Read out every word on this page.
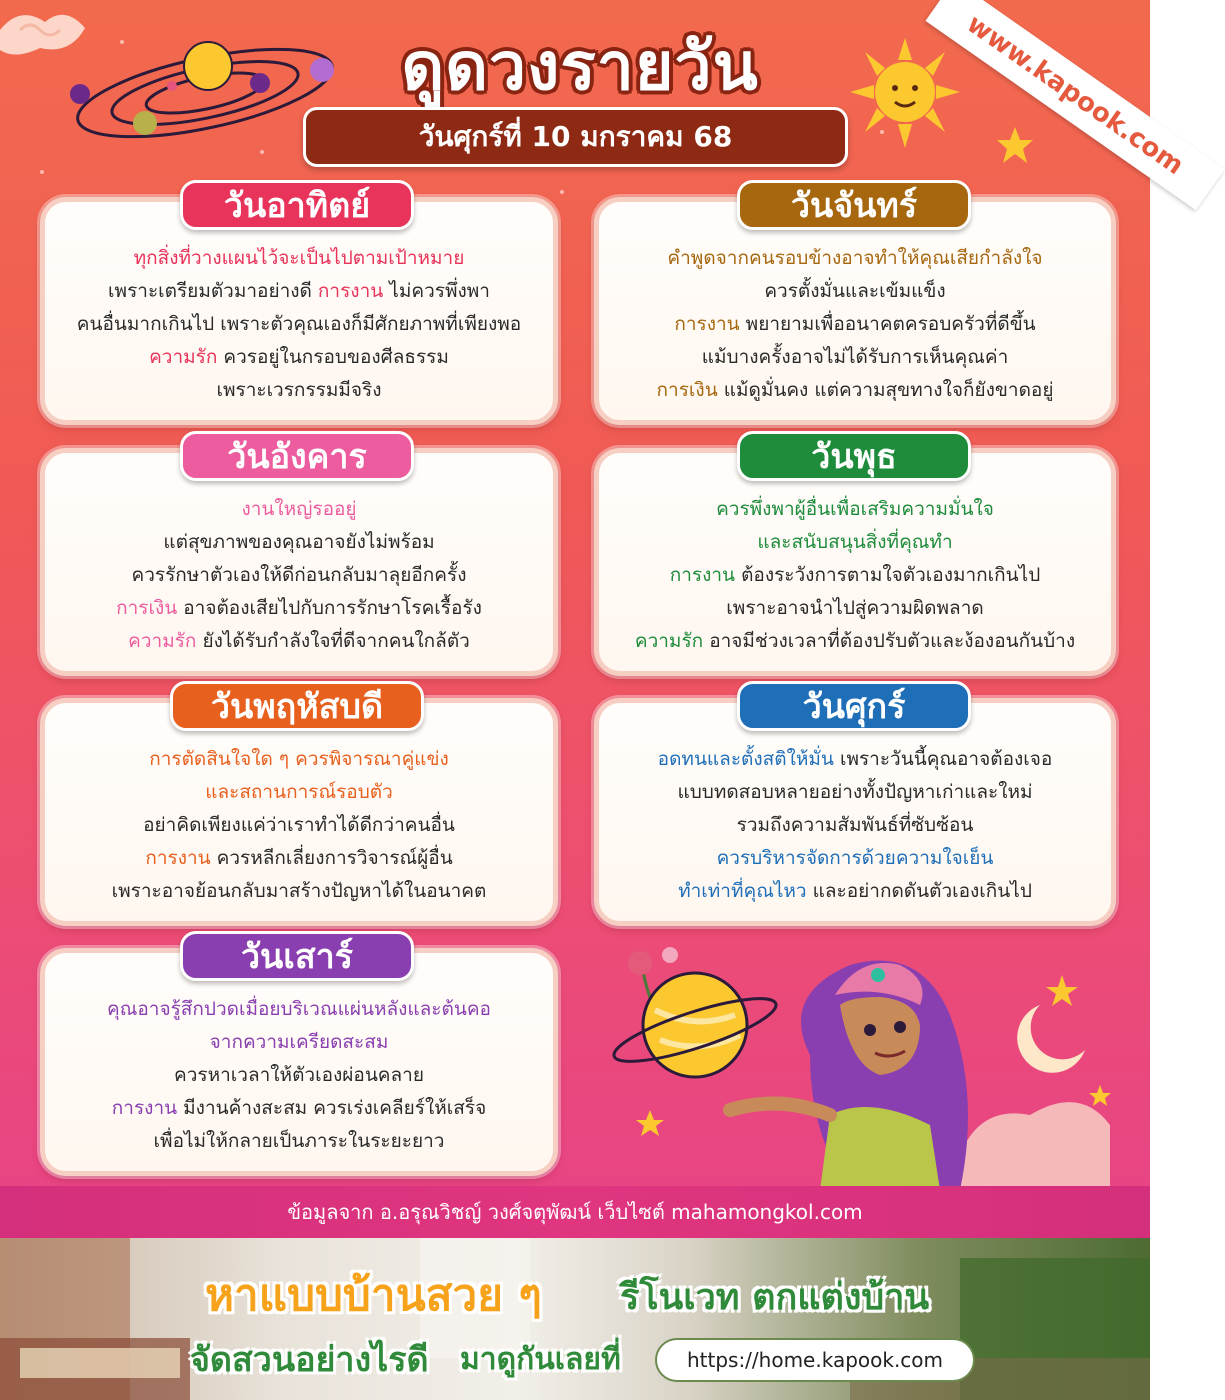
www.kapook.com
ดูดวงรายวัน
วันศุกร์ที่ 10 มกราคม 68
ทุกสิ่งที่วางแผนไว้จะเป็นไปตามเป้าหมาย
เพราะเตรียมตัวมาอย่างดี การงาน ไม่ควรพึ่งพา
คนอื่นมากเกินไป เพราะตัวคุณเองก็มีศักยภาพที่เพียงพอ
ความรัก ควรอยู่ในกรอบของศีลธรรม
เพราะเวรกรรมมีจริง
วันอาทิตย์
คำพูดจากคนรอบข้างอาจทำให้คุณเสียกำลังใจ
ควรตั้งมั่นและเข้มแข็ง
การงาน พยายามเพื่ออนาคตครอบครัวที่ดีขึ้น
แม้บางครั้งอาจไม่ได้รับการเห็นคุณค่า
การเงิน แม้ดูมั่นคง แต่ความสุขทางใจก็ยังขาดอยู่
วันจันทร์
งานใหญ่รออยู่
แต่สุขภาพของคุณอาจยังไม่พร้อม
ควรรักษาตัวเองให้ดีก่อนกลับมาลุยอีกครั้ง
การเงิน อาจต้องเสียไปกับการรักษาโรคเรื้อรัง
ความรัก ยังได้รับกำลังใจที่ดีจากคนใกล้ตัว
วันอังคาร
ควรพึ่งพาผู้อื่นเพื่อเสริมความมั่นใจ
และสนับสนุนสิ่งที่คุณทำ
การงาน ต้องระวังการตามใจตัวเองมากเกินไป
เพราะอาจนำไปสู่ความผิดพลาด
ความรัก อาจมีช่วงเวลาที่ต้องปรับตัวและง้องอนกันบ้าง
วันพุธ
การตัดสินใจใด ๆ ควรพิจารณาคู่แข่ง
และสถานการณ์รอบตัว
อย่าคิดเพียงแค่ว่าเราทำได้ดีกว่าคนอื่น
การงาน ควรหลีกเลี่ยงการวิจารณ์ผู้อื่น
เพราะอาจย้อนกลับมาสร้างปัญหาได้ในอนาคต
วันพฤหัสบดี
อดทนและตั้งสติให้มั่น เพราะวันนี้คุณอาจต้องเจอ
แบบทดสอบหลายอย่างทั้งปัญหาเก่าและใหม่
รวมถึงความสัมพันธ์ที่ซับซ้อน
ควรบริหารจัดการด้วยความใจเย็น
ทำเท่าที่คุณไหว และอย่ากดดันตัวเองเกินไป
วันศุกร์
คุณอาจรู้สึกปวดเมื่อยบริเวณแผ่นหลังและต้นคอ
จากความเครียดสะสม
ควรหาเวลาให้ตัวเองผ่อนคลาย
การงาน มีงานค้างสะสม ควรเร่งเคลียร์ให้เสร็จ
เพื่อไม่ให้กลายเป็นภาระในระยะยาว
วันเสาร์
ข้อมูลจาก อ.อรุณวิชญ์ วงศ์จตุพัฒน์ เว็บไซต์ mahamongkol.com
หาแบบบ้านสวย ๆ รีโนเวท ตกแต่งบ้าน
จัดสวนอย่างไรดี มาดูกันเลยที่	https://home.kapook.com
